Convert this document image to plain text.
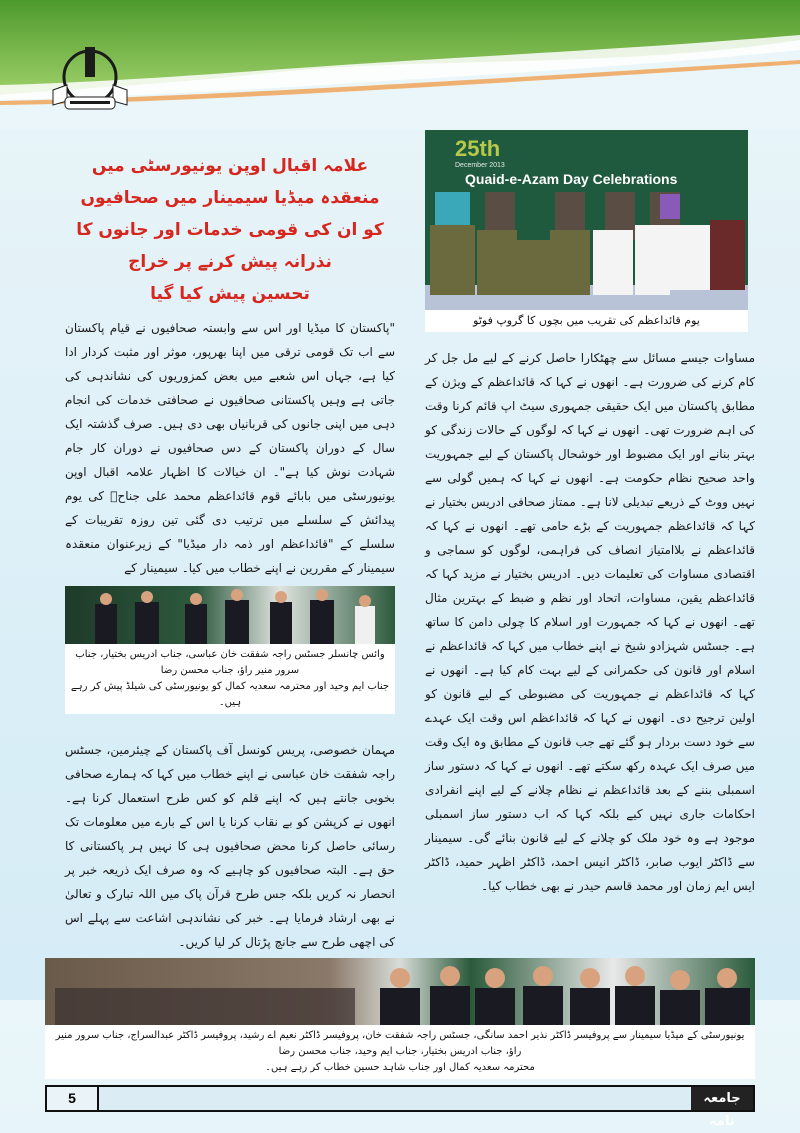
علامہ اقبال اوپن یونیورسٹی میں منعقدہ میڈیا سیمینار میں صحافیوں
کو ان کی قومی خدمات اور جانوں کا نذرانہ پیش کرنے پر خراج
تحسین پیش کیا گیا

"پاکستان کا میڈیا اور اس سے وابستہ صحافیوں نے قیام پاکستان سے اب تک قومی ترقی میں اپنا بھرپور، موثر اور مثبت کردار ادا کیا ہے، جہاں اس شعبے میں بعض کمزوریوں کی نشاندہی کی جاتی ہے وہیں پاکستانی صحافیوں نے صحافتی خدمات کی انجام دہی میں اپنی جانوں کی قربانیاں بھی دی ہیں۔ صرف گذشتہ ایک سال کے دوران پاکستان کے دس صحافیوں نے دوران کار جام شہادت نوش کیا ہے"۔ ان خیالات کا اظہار علامہ اقبال اوپن یونیورسٹی میں بابائے قوم قائداعظم محمد علی جناحؒ کی یوم پیدائش کے سلسلے میں ترتیب دی گئی تین روزہ تقریبات کے سلسلے کے "قائداعظم اور ذمہ دار میڈیا" کے زیرعنوان منعقدہ سیمینار کے مقررین نے اپنے خطاب میں کیا۔ سیمینار کے

وائس چانسلر جسٹس راجہ شفقت خان عباسی، جناب ادریس بختیار، جناب سرور منیر راؤ، جناب محسن رضا
جناب ایم وحید اور محترمہ سعدیہ کمال کو یونیورسٹی کی شیلڈ پیش کر رہے ہیں۔

مہمان خصوصی، پریس کونسل آف پاکستان کے چیئرمین، جسٹس راجہ شفقت خان عباسی نے اپنے خطاب میں کہا کہ ہمارے صحافی بخوبی جانتے ہیں کہ اپنے قلم کو کس طرح استعمال کرنا ہے۔ انھوں نے کرپشن کو بے نقاب کرنا یا اس کے بارے میں معلومات تک رسائی حاصل کرنا محض صحافیوں ہی کا نہیں ہر پاکستانی کا حق ہے۔ البتہ صحافیوں کو چاہیے کہ وہ صرف ایک ذریعہ خبر پر انحصار نہ کریں بلکہ جس طرح قرآن پاک میں اللہ تبارک و تعالیٰ نے بھی ارشاد فرمایا ہے۔ خبر کی نشاندہی اشاعت سے پہلے اس کی اچھی طرح سے جانچ پڑتال کر لیا کریں۔

25th
December 2013
Quaid-e-Azam Day Celebrations
یوم قائداعظم کی تقریب میں بچوں کا گروپ فوٹو

مساوات جیسے مسائل سے چھٹکارا حاصل کرنے کے لیے مل جل کر کام کرنے کی ضرورت ہے۔ انھوں نے کہا کہ قائداعظم کے ویژن کے مطابق پاکستان میں ایک حقیقی جمہوری سیٹ اپ قائم کرنا وقت کی اہم ضرورت تھی۔ انھوں نے کہا کہ لوگوں کے حالات زندگی کو بہتر بنانے اور ایک مضبوط اور خوشحال پاکستان کے لیے جمہوریت واحد صحیح نظام حکومت ہے۔ انھوں نے کہا کہ ہمیں گولی سے نہیں ووٹ کے ذریعے تبدیلی لانا ہے۔ ممتاز صحافی ادریس بختیار نے کہا کہ قائداعظم جمہوریت کے بڑے حامی تھے۔ انھوں نے کہا کہ قائداعظم نے بلاامتیاز انصاف کی فراہمی، لوگوں کو سماجی و اقتصادی مساوات کی تعلیمات دیں۔ ادریس بختیار نے مزید کہا کہ قائداعظم یقین، مساوات، اتحاد اور نظم و ضبط کے بہترین مثال تھے۔ انھوں نے کہا کہ جمہورت اور اسلام کا چولی دامن کا ساتھ ہے۔ جسٹس شہزادو شیخ نے اپنے خطاب میں کہا کہ قائداعظم نے اسلام اور قانون کی حکمرانی کے لیے بہت کام کیا ہے۔ انھوں نے کہا کہ قائداعظم نے جمہوریت کی مضبوطی کے لیے قانون کو اولین ترجیح دی۔ انھوں نے کہا کہ قائداعظم اس وقت ایک عہدے سے خود دست بردار ہو گئے تھے جب قانون کے مطابق وہ ایک وقت میں صرف ایک عہدہ رکھ سکتے تھے۔ انھوں نے کہا کہ دستور ساز اسمبلی بننے کے بعد قائداعظم نے نظام چلانے کے لیے اپنے انفرادی احکامات جاری نہیں کیے بلکہ کہا کہ اب دستور ساز اسمبلی موجود ہے وہ خود ملک کو چلانے کے لیے قانون بنائے گی۔ سیمینار سے ڈاکٹر ایوب صابر، ڈاکٹر انیس احمد، ڈاکٹر اظہر حمید، ڈاکٹر ایس ایم زمان اور محمد قاسم حیدر نے بھی خطاب کیا۔

یونیورسٹی کے میڈیا سیمینار سے پروفیسر ڈاکٹر نذیر احمد سانگی، جسٹس راجہ شفقت خان، پروفیسر ڈاکٹر نعیم اے رشید، پروفیسر ڈاکٹر عبدالسراج، جناب سرور منیر راؤ، جناب ادریس بختیار، جناب ایم وحید، جناب محسن رضا
محترمہ سعدیہ کمال اور جناب شاہد حسین خطاب کر رہے ہیں۔
5	جامعہ نامہ
